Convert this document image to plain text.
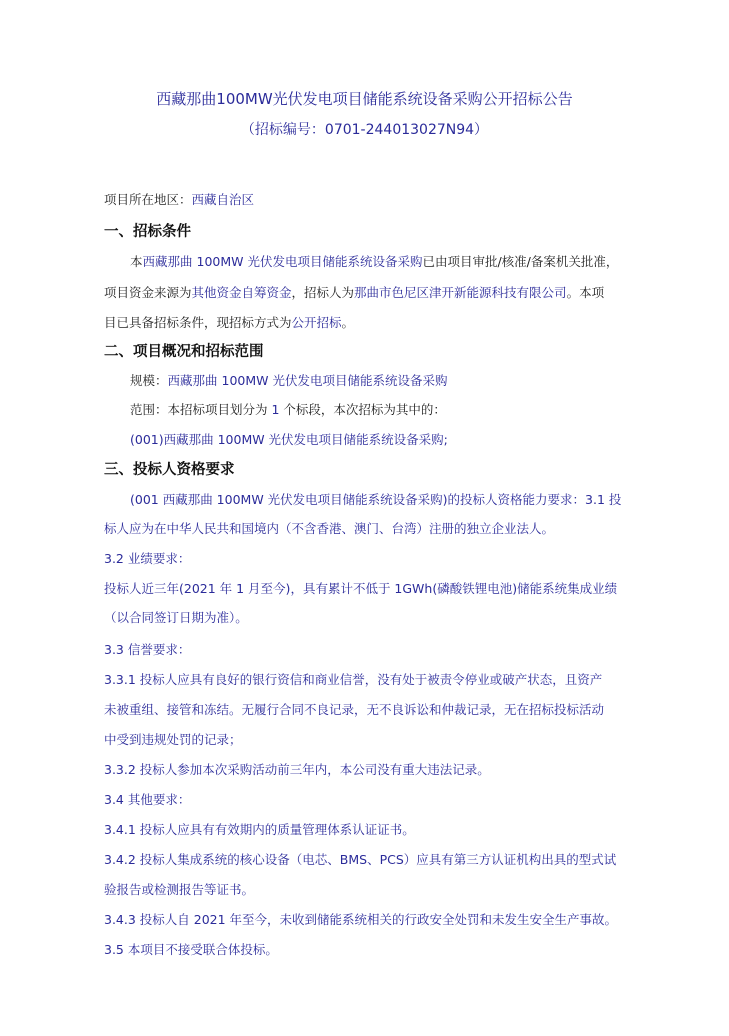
西藏那曲100MW光伏发电项目储能系统设备采购公开招标公告
（招标编号：0701-244013027N94）
项目所在地区：西藏自治区
一、招标条件
本西藏那曲 100MW 光伏发电项目储能系统设备采购已由项目审批/核准/备案机关批准，
项目资金来源为其他资金自筹资金，招标人为那曲市色尼区津开新能源科技有限公司。本项
目已具备招标条件，现招标方式为公开招标。
二、项目概况和招标范围
规模：西藏那曲 100MW 光伏发电项目储能系统设备采购
范围：本招标项目划分为 1 个标段，本次招标为其中的：
(001)西藏那曲 100MW 光伏发电项目储能系统设备采购;
三、投标人资格要求
(001 西藏那曲 100MW 光伏发电项目储能系统设备采购)的投标人资格能力要求：3.1 投
标人应为在中华人民共和国境内（不含香港、澳门、台湾）注册的独立企业法人。
3.2 业绩要求：
投标人近三年(2021 年 1 月至今)，具有累计不低于 1GWh(磷酸铁锂电池)储能系统集成业绩
（以合同签订日期为准）。
3.3 信誉要求：
3.3.1 投标人应具有良好的银行资信和商业信誉，没有处于被责令停业或破产状态，且资产
未被重组、接管和冻结。无履行合同不良记录，无不良诉讼和仲裁记录，无在招标投标活动
中受到违规处罚的记录；
3.3.2 投标人参加本次采购活动前三年内，本公司没有重大违法记录。
3.4 其他要求：
3.4.1 投标人应具有有效期内的质量管理体系认证证书。
3.4.2 投标人集成系统的核心设备（电芯、BMS、PCS）应具有第三方认证机构出具的型式试
验报告或检测报告等证书。
3.4.3 投标人自 2021 年至今，未收到储能系统相关的行政安全处罚和未发生安全生产事故。
3.5 本项目不接受联合体投标。
